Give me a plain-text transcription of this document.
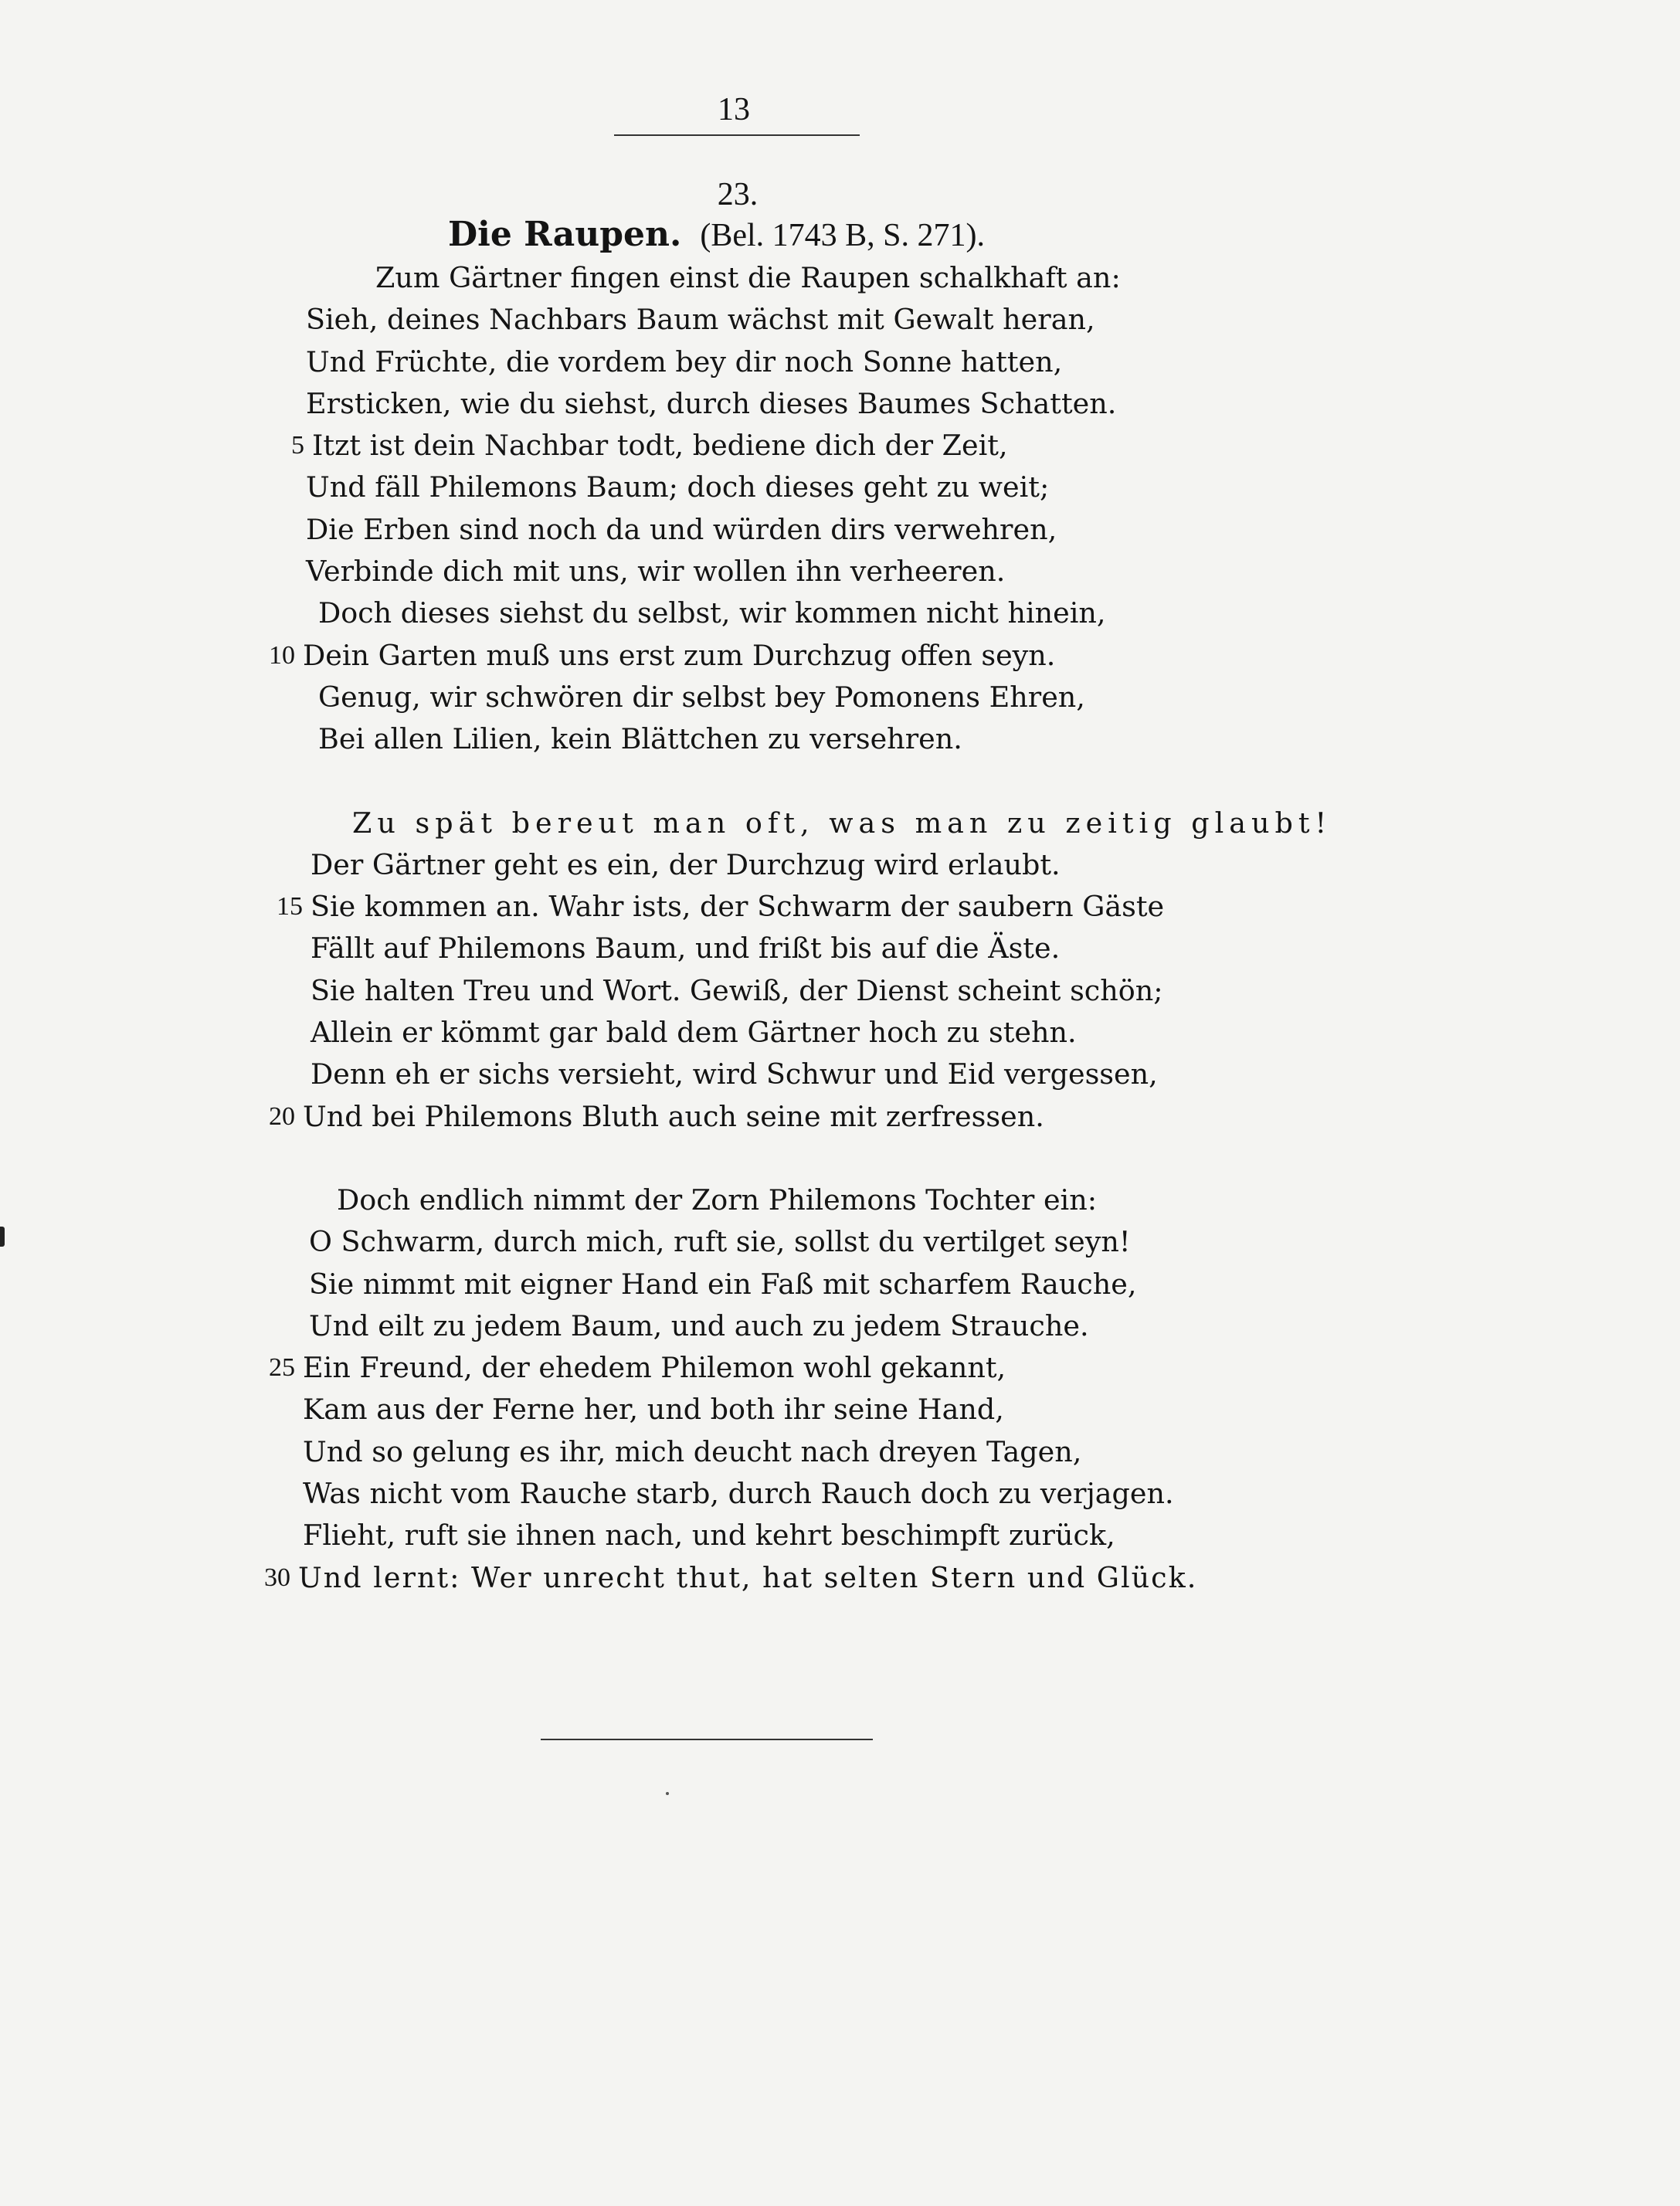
13
23.
Die Raupen. (Bel. 1743 B, S. 271).
Zum Gärtner fingen einst die Raupen schalkhaft an:
Sieh, deines Nachbars Baum wächst mit Gewalt heran,
Und Früchte, die vordem bey dir noch Sonne hatten,
Ersticken, wie du siehst, durch dieses Baumes Schatten.
5 Itzt ist dein Nachbar todt, bediene dich der Zeit,
Und fäll Philemons Baum; doch dieses geht zu weit;
Die Erben sind noch da und würden dirs verwehren,
Verbinde dich mit uns, wir wollen ihn verheeren.
Doch dieses siehst du selbst, wir kommen nicht hinein,
10 Dein Garten muß uns erst zum Durchzug offen seyn.
Genug, wir schwören dir selbst bey Pomonens Ehren,
Bei allen Lilien, kein Blättchen zu versehren.
Zu spät bereut man oft, was man zu zeitig glaubt!
Der Gärtner geht es ein, der Durchzug wird erlaubt.
15 Sie kommen an. Wahr ists, der Schwarm der saubern Gäste
Fällt auf Philemons Baum, und frißt bis auf die Äste.
Sie halten Treu und Wort. Gewiß, der Dienst scheint schön;
Allein er kömmt gar bald dem Gärtner hoch zu stehn.
Denn eh er sichs versieht, wird Schwur und Eid vergessen,
20 Und bei Philemons Bluth auch seine mit zerfressen.
Doch endlich nimmt der Zorn Philemons Tochter ein:
O Schwarm, durch mich, ruft sie, sollst du vertilget seyn!
Sie nimmt mit eigner Hand ein Faß mit scharfem Rauche,
Und eilt zu jedem Baum, und auch zu jedem Strauche.
25 Ein Freund, der ehedem Philemon wohl gekannt,
Kam aus der Ferne her, und both ihr seine Hand,
Und so gelung es ihr, mich deucht nach dreyen Tagen,
Was nicht vom Rauche starb, durch Rauch doch zu verjagen.
Flieht, ruft sie ihnen nach, und kehrt beschimpft zurück,
30 Und lernt: Wer unrecht thut, hat selten Stern und Glück.
